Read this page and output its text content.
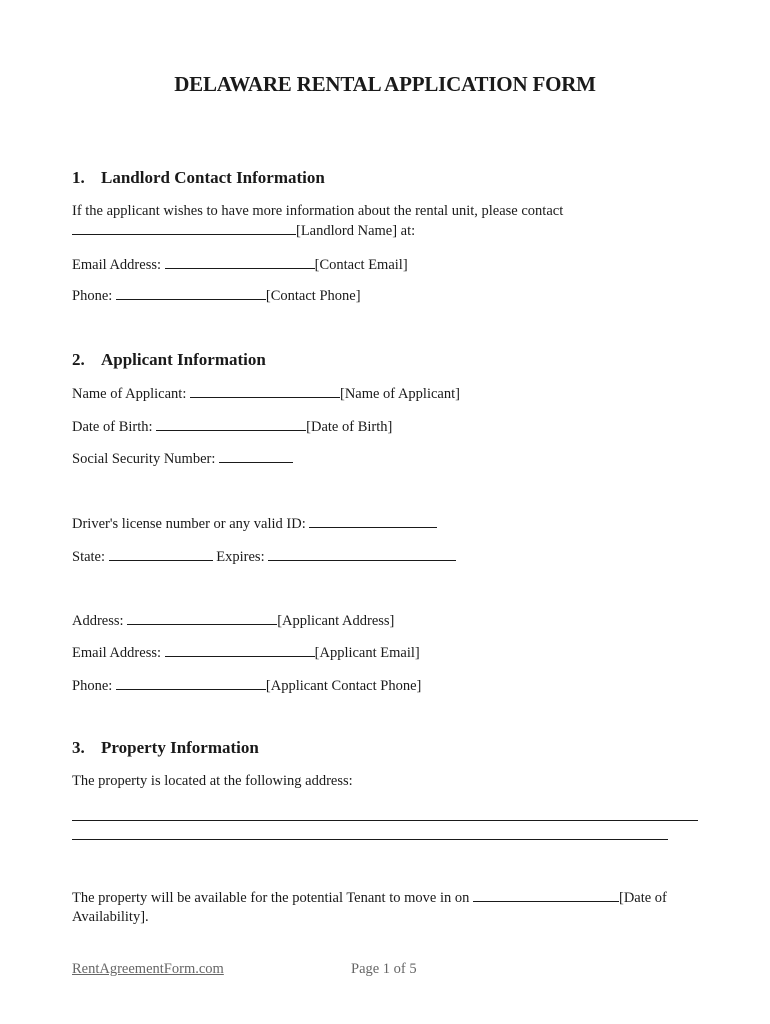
DELAWARE RENTAL APPLICATION FORM
1. Landlord Contact Information
If the applicant wishes to have more information about the rental unit, please contact
[Landlord Name] at:
Email Address:	[Contact Email]
Phone:	[Contact Phone]
2. Applicant Information
Name of Applicant:	[Name of Applicant]
Date of Birth:	[Date of Birth]
Social Security Number:
Driver's license number or any valid ID:
State:	Expires:
Address:	[Applicant Address]
Email Address:	[Applicant Email]
Phone:	[Applicant Contact Phone]
3. Property Information
The property is located at the following address:
The property will be available for the potential Tenant to move in on	[Date of
Availability].
RentAgreementForm.com	Page 1 of 5
